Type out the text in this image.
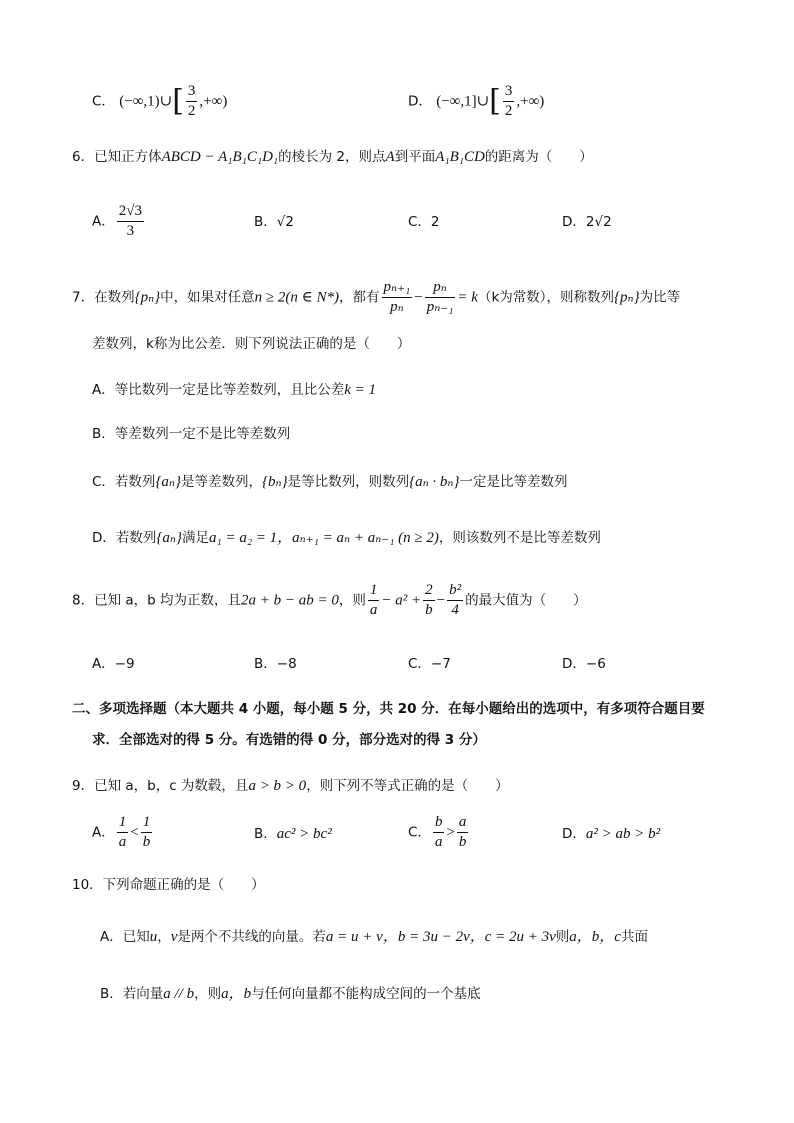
C． (−∞,1)∪[ $\frac{3}{2}$ ,+∞)	D． (−∞,1]∪[ $\frac{3}{2}$ ,+∞)
6．已知正方体ABCD − A₁B₁C₁D₁的棱长为 2，则点A到平面A₁B₁CD的距离为（　　）
A． $\frac{2√3}{3}$	B．√2	C．2	D．2√2
7．在数列{pₙ}中，如果对任意n ≥ 2(n ∈ N*)，都有 $\frac{\text{pₙ₊₁}}{\text{pₙ}} - \frac{\text{pₙ}}{\text{pₙ₋₁}} = k(k$为常数），则称数列{pₙ}为比等
差数列，k称为比公差．则下列说法正确的是（　　）
A．等比数列一定是比等差数列，且比公差k = 1
B．等差数列一定不是比等差数列
C．若数列{aₙ}是等差数列，{bₙ}是等比数列，则数列{aₙ · bₙ}一定是比等差数列
D．若数列{aₙ}满足a₁ = a₂ = 1，aₙ₊₁ = aₙ + aₙ₋₁ (n ≥ 2)，则该数列不是比等差数列
8．已知 a，b 均为正数，且2a + b − ab = 0，则 $\frac{1}{a} - a^2 + \frac{2}{b} - \frac{\text{b²}}{4}$ 的最大值为（　　）
A．−9	B．−8	C．−7	D．−6
二、多项选择题（本大题共 4 小题，每小题 5 分，共 20 分．在每小题给出的选项中，有多项符合题目要
求．全部选对的得 5 分。有选错的得 0 分，部分选对的得 3 分）
9．已知 a，b，c 为数毂，且a > b > 0，则下列不等式正确的是（　　）
A． $\frac{1}{a} < \frac{1}{b}$	B．ac² > bc²	C． $\frac{b}{a} > \frac{a}{b}$	D．a² > ab > b²
10．下列命题正确的是（　　）
A．已知u，v是两个不共线的向量。若a = u + v，b = 3u − 2v，c = 2u + 3v则a，b，c共面
B．若向量a // b，则a，b与任何向量都不能构成空间的一个基底
